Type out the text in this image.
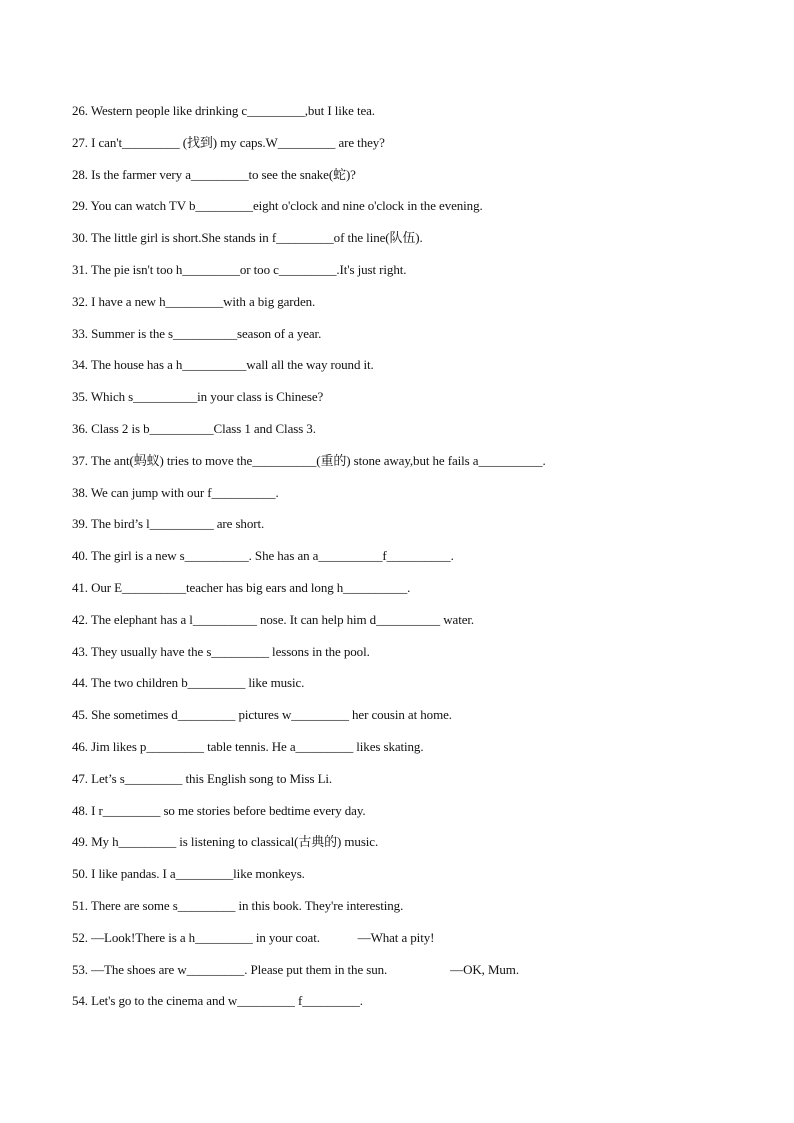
26. Western people like drinking c_________,but I like tea.
27. I can't_________ (找到) my caps.W_________ are they?
28. Is the farmer very a_________to see the snake(蛇)?
29. You can watch TV b_________eight o'clock and nine o'clock in the evening.
30. The little girl is short.She stands in f_________of the line(队伍).
31. The pie isn't too h_________or too c_________.It's just right.
32. I have a new h_________with a big garden.
33. Summer is the s__________season of a year.
34. The house has a h__________wall all the way round it.
35. Which s__________in your class is Chinese?
36. Class 2 is b__________Class 1 and Class 3.
37. The ant(蚂蚁) tries to move the__________(重的) stone away,but he fails a__________.
38. We can jump with our f__________.
39. The bird’s l__________ are short.
40. The girl is a new s__________. She has an a__________f__________.
41. Our E__________teacher has big ears and long h__________.
42. The elephant has a l__________ nose. It can help him d__________ water.
43. They usually have the s_________ lessons in the pool.
44. The two children b_________ like music.
45. She sometimes d_________ pictures w_________ her cousin at home.
46. Jim likes p_________ table tennis. He a_________ likes skating.
47. Let’s s_________ this English song to Miss Li.
48. I r_________ so me stories before bedtime every day.
49. My h_________ is listening to classical(古典的) music.
50. I like pandas. I a_________like monkeys.
51. There are some s_________ in this book. They're interesting.
52. —Look!There is a h_________ in your coat.            —What a pity!
53. —The shoes are w_________. Please put them in the sun.                    —OK, Mum.
54. Let's go to the cinema and w_________ f_________.
